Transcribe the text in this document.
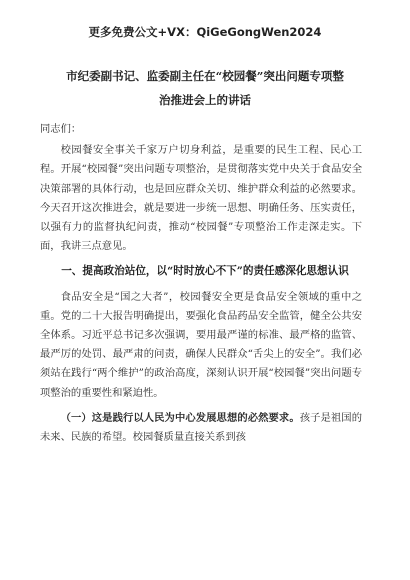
更多免费公文+VX：QiGeGongWen2024
市纪委副书记、监委副主任在“校园餐”突出问题专项整
治推进会上的讲话

同志们：

校园餐安全事关千家万户切身利益，是重要的民生工程、民心工程。开展“校园餐”突出问题专项整治，是贯彻落实党中央关于食品安全决策部署的具体行动，也是回应群众关切、维护群众利益的必然要求。今天召开这次推进会，就是要进一步统一思想、明确任务、压实责任，以强有力的监督执纪问责，推动“校园餐”专项整治工作走深走实。下面，我讲三点意见。

一、提高政治站位，以“时时放心不下”的责任感深化思想认识

食品安全是“国之大者”，校园餐安全更是食品安全领域的重中之重。党的二十大报告明确提出，要强化食品药品安全监管，健全公共安全体系。习近平总书记多次强调，要用最严谨的标准、最严格的监管、最严厉的处罚、最严肃的问责，确保人民群众“舌尖上的安全”。我们必须站在践行“两个维护”的政治高度，深刻认识开展“校园餐”突出问题专项整治的重要性和紧迫性。

（一）这是践行以人民为中心发展思想的必然要求。孩子是祖国的未来、民族的希望。校园餐质量直接关系到孩
